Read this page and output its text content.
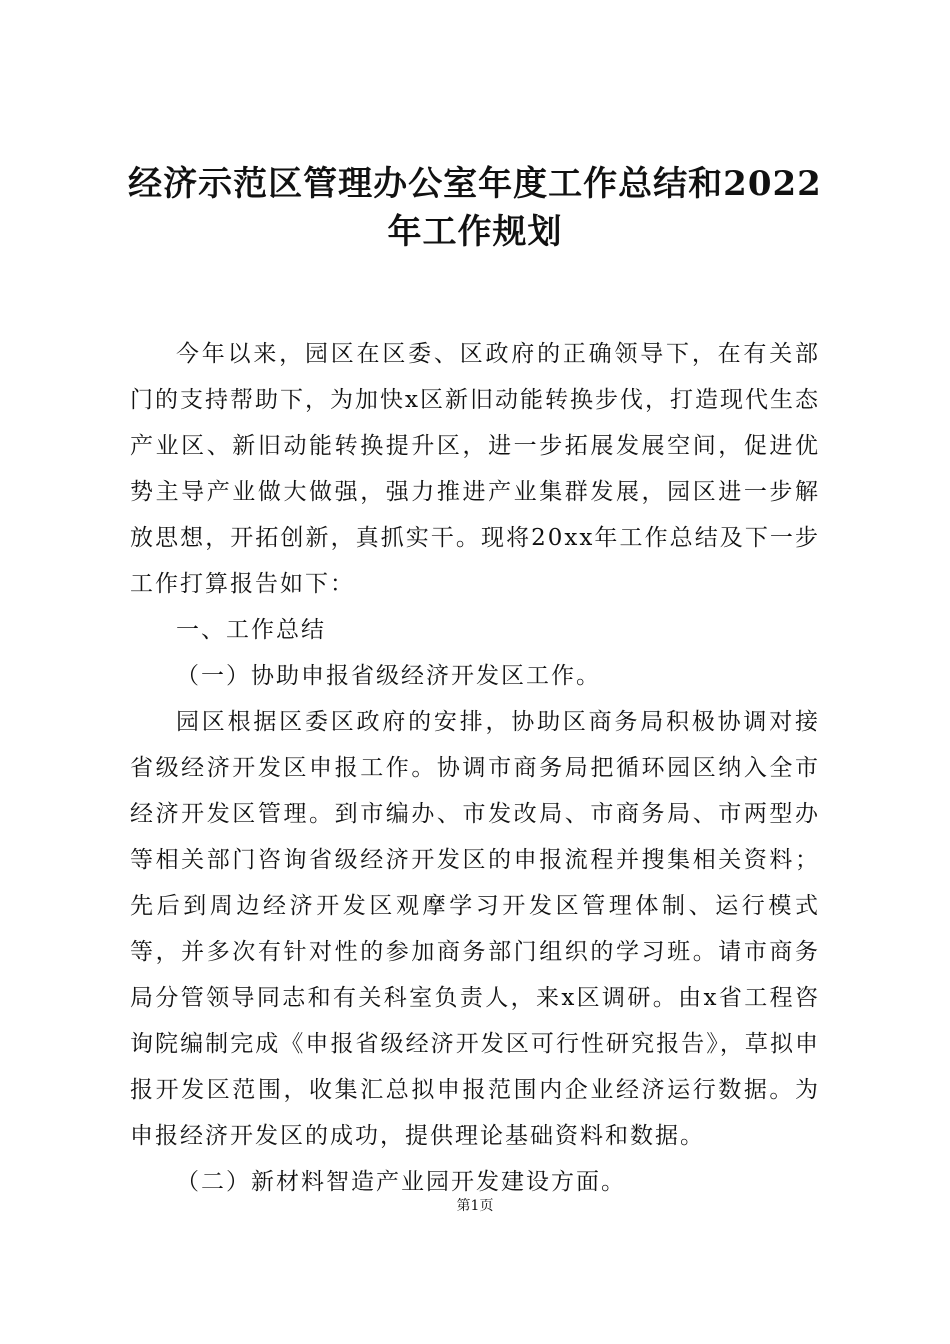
经济示范区管理办公室年度工作总结和2022年工作规划

今年以来，园区在区委、区政府的正确领导下，在有关部门的支持帮助下，为加快x区新旧动能转换步伐，打造现代生态产业区、新旧动能转换提升区，进一步拓展发展空间，促进优势主导产业做大做强，强力推进产业集群发展，园区进一步解放思想，开拓创新，真抓实干。现将20xx年工作总结及下一步工作打算报告如下：

一、工作总结

（一）协助申报省级经济开发区工作。

园区根据区委区政府的安排，协助区商务局积极协调对接省级经济开发区申报工作。协调市商务局把循环园区纳入全市经济开发区管理。到市编办、市发改局、市商务局、市两型办等相关部门咨询省级经济开发区的申报流程并搜集相关资料；先后到周边经济开发区观摩学习开发区管理体制、运行模式等，并多次有针对性的参加商务部门组织的学习班。请市商务局分管领导同志和有关科室负责人，来x区调研。由x省工程咨询院编制完成《申报省级经济开发区可行性研究报告》，草拟申报开发区范围，收集汇总拟申报范围内企业经济运行数据。为申报经济开发区的成功，提供理论基础资料和数据。

（二）新材料智造产业园开发建设方面。

第1页
